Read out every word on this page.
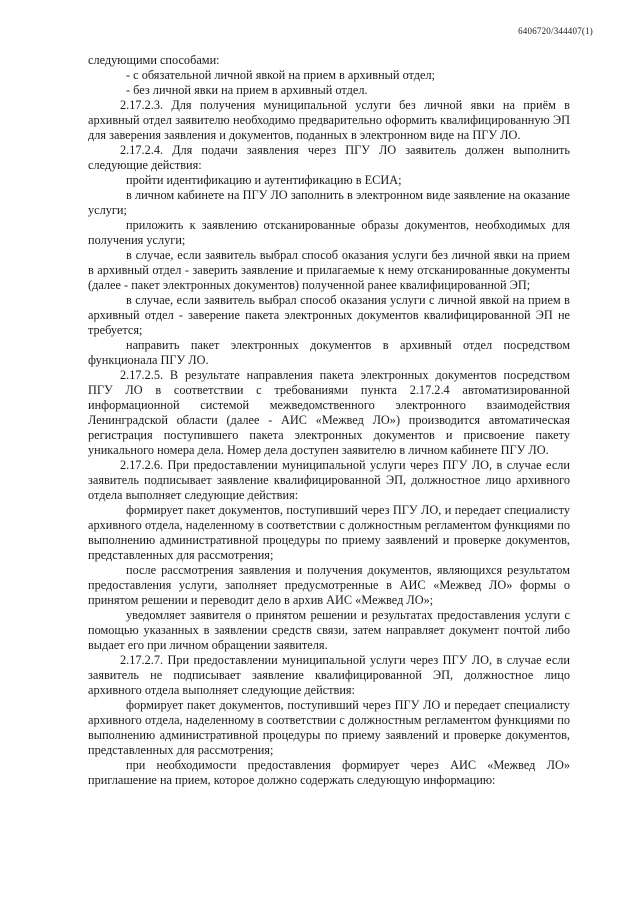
6406720/344407(1)

следующими способами:

- с обязательной личной явкой на прием в архивный отдел;

- без личной явки на прием в архивный отдел.

2.17.2.3. Для получения муниципальной услуги без личной явки на приём в архивный отдел заявителю необходимо предварительно оформить квалифицированную ЭП для заверения заявления и документов, поданных в электронном виде на ПГУ ЛО.

2.17.2.4. Для подачи заявления через ПГУ ЛО заявитель должен выполнить следующие действия:

пройти идентификацию и аутентификацию в ЕСИА;

в личном кабинете на ПГУ ЛО заполнить в электронном виде заявление на оказание услуги;

приложить к заявлению отсканированные образы документов, необходимых для получения услуги;

в случае, если заявитель выбрал способ оказания услуги без личной явки на прием в архивный отдел - заверить заявление и прилагаемые к нему отсканированные документы (далее - пакет электронных документов) полученной ранее квалифицированной ЭП;

в случае, если заявитель выбрал способ оказания услуги с личной явкой на прием в архивный отдел - заверение пакета электронных документов квалифицированной ЭП не требуется;

направить пакет электронных документов в архивный отдел посредством функционала ПГУ ЛО.

2.17.2.5. В результате направления пакета электронных документов посредством ПГУ ЛО в соответствии с требованиями пункта 2.17.2.4 автоматизированной информационной системой межведомственного электронного взаимодействия Ленинградской области (далее - АИС «Межвед ЛО») производится автоматическая регистрация поступившего пакета электронных документов и присвоение пакету уникального номера дела. Номер дела доступен заявителю в личном кабинете ПГУ ЛО.

2.17.2.6. При предоставлении муниципальной услуги через ПГУ ЛО, в случае если заявитель подписывает заявление квалифицированной ЭП, должностное лицо архивного отдела выполняет следующие действия:

формирует пакет документов, поступивший через ПГУ ЛО, и передает специалисту архивного отдела, наделенному в соответствии с должностным регламентом функциями по выполнению административной процедуры по приему заявлений и проверке документов, представленных для рассмотрения;

после рассмотрения заявления и получения документов, являющихся результатом предоставления услуги, заполняет предусмотренные в АИС «Межвед ЛО» формы о принятом решении и переводит дело в архив АИС «Межвед ЛО»;

уведомляет заявителя о принятом решении и результатах предоставления услуги с помощью указанных в заявлении средств связи, затем направляет документ почтой либо выдает его при личном обращении заявителя.

2.17.2.7. При предоставлении муниципальной услуги через ПГУ ЛО, в случае если заявитель не подписывает заявление квалифицированной ЭП, должностное лицо архивного отдела выполняет следующие действия:

формирует пакет документов, поступивший через ПГУ ЛО и передает специалисту архивного отдела, наделенному в соответствии с должностным регламентом функциями по выполнению административной процедуры по приему заявлений и проверке документов, представленных для рассмотрения;

при необходимости предоставления формирует через АИС «Межвед ЛО» приглашение на прием, которое должно содержать следующую информацию:
